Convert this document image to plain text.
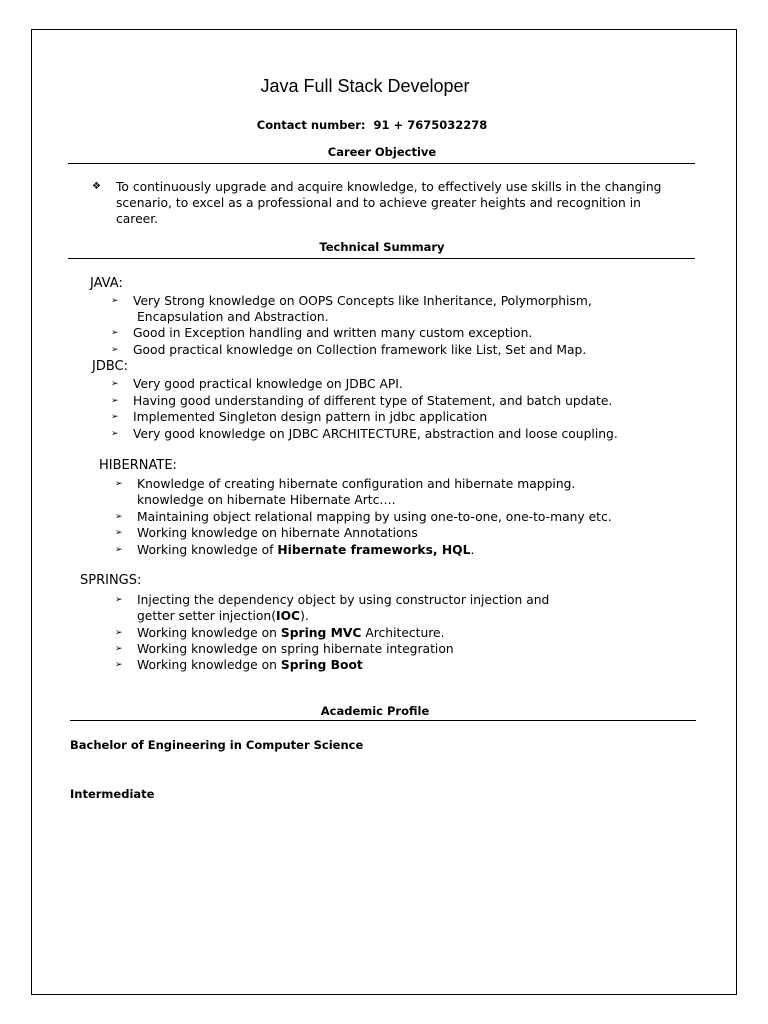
Java Full Stack Developer
Contact number: 91 + 7675032278
Career Objective
❖ To continuously upgrade and acquire knowledge, to effectively use skills in the changing scenario, to excel as a professional and to achieve greater heights and recognition in career.
Technical Summary
JAVA:
➢ Very Strong knowledge on OOPS Concepts like Inheritance, Polymorphism,
Encapsulation and Abstraction.
➢ Good in Exception handling and written many custom exception.
➢ Good practical knowledge on Collection framework like List, Set and Map.
JDBC:
➢ Very good practical knowledge on JDBC API.
➢ Having good understanding of different type of Statement, and batch update.
➢ Implemented Singleton design pattern in jdbc application
➢ Very good knowledge on JDBC ARCHITECTURE, abstraction and loose coupling.
HIBERNATE:
➢ Knowledge of creating hibernate configuration and hibernate mapping.
knowledge on hibernate Hibernate Artc….
➢ Maintaining object relational mapping by using one-to-one, one-to-many etc.
➢ Working knowledge on hibernate Annotations
➢ Working knowledge of Hibernate frameworks, HQL.
SPRINGS:
➢ Injecting the dependency object by using constructor injection and
getter setter injection(IOC).
➢ Working knowledge on Spring MVC Architecture.
➢ Working knowledge on spring hibernate integration
➢ Working knowledge on Spring Boot
Academic Profile
Bachelor of Engineering in Computer Science
Intermediate
